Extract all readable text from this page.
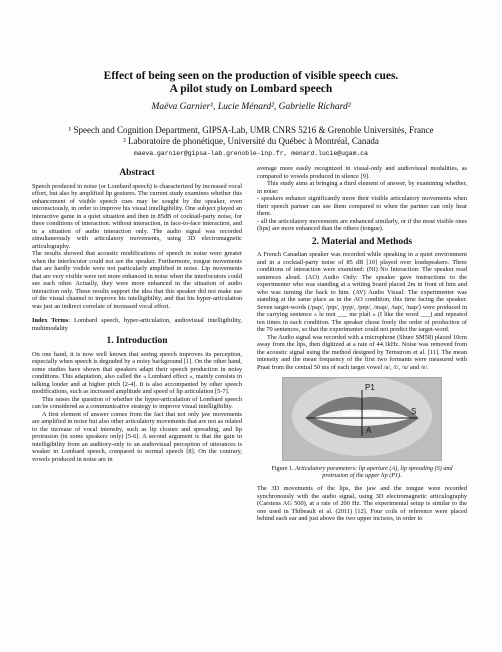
Effect of being seen on the production of visible speech cues.
A pilot study on Lombard speech
Maëva Garnier¹, Lucie Ménard², Gabrielle Richard²
¹ Speech and Cognition Department, GIPSA-Lab, UMR CNRS 5216 & Grenoble Universités, France
² Laboratoire de phonétique, Université du Québec à Montréal, Canada
maeva.garnier@gipsa-lab.grenoble-inp.fr, menard.lucie@ugam.ca
Abstract

Speech produced in noise (or Lombard speech) is characterized by increased vocal effort, but also by amplified lip gestures. The current study examines whether this enhancement of visible speech cues may be sought by the speaker, even unconsciously, in order to improve his visual intelligibility. One subject played an interactive game in a quiet situation and then in 85dB of cocktail-party noise, for three conditions of interaction: without interaction, in face-to-face interaction, and in a situation of audio interaction only. The audio signal was recorded simultaneously with articulatory movements, using 3D electromagnetic articulography.

The results showed that acoustic modifications of speech in noise were greater when the interlocutor could not see the speaker. Furthermore, tongue movements that are hardly visible were not particularly amplified in noise. Lip movements that are very visible were not more enhanced in noise when the interlocutors could see each other. Actually, they were more enhanced in the situation of audio interaction only. These results support the idea that this speaker did not make use of the visual channel to improve his intelligibility, and that his hyper-articulation was just an indirect correlate of increased vocal effort.

Index Terms: Lombard speech, hyper-articulation, audiovisual intelligibility, multimodality

1. Introduction

On one hand, it is now well known that seeing speech improves its perception, especially when speech is degraded by a noisy background [1]. On the other hand, some studies have shown that speakers adapt their speech production in noisy conditions. This adaptation, also called the « Lombard effect », mainly consists in talking louder and at higher pitch [2-4]. It is also accompanied by other speech modifications, such as increased amplitude and speed of lip articulation [5-7].

This raises the question of whether the hyper-articulation of Lombard speech can be considered as a communicative strategy to improve visual intelligibility.

A first element of answer comes from the fact that not only jaw movements are amplified in noise but also other articulatory movements that are not as related to the increase of vocal intensity, such as lip closure and spreading, and lip protrusion (in some speakers only) [5-6]. A second argument is that the gain in intelligibility from an auditory-only to an audiovisual perception of utterances is weaker in Lombard speech, compared to normal speech [8]. On the contrary, vowels produced in noise are in

average more easily recognized in visual-only and audiovisual modalities, as compared to vowels produced in silence [9].

This study aims at bringing a third element of answer, by examining whether, in noise:

- speakers enhance significantly more their visible articulatory movements when their speech partner can see them compared to when the partner can only hear them.

- all the articulatory movements are enhanced similarly, or if the most visible ones (lips) are more enhanced than the others (tongue).

2. Material and Methods

A French Canadian speaker was recorded while speaking in a quiet environment and in a cocktail-party noise of 85 dB [10] played over loudspeakers. Three conditions of interaction were examined: (NI) No Interaction: The speaker read sentences aloud. (AO) Audio Only: The speaker gave instructions to the experimenter who was standing at a writing board placed 2m in front of him and who was turning the back to him. (AV) Audio Visual: The experimenter was standing at the same place as in the AO condition, this time facing the speaker. Seven target-words (/pap/, /pip/, /pyp/, /pep/, /map/, /tap/, /nap/) were produced in the carrying sentence « le mot ___ me plaît » (I like the word ___) and repeated ten times in each condition. The speaker chose freely the order of production of the 70 sentences, so that the experimenter could not predict the target-word.

The Audio signal was recorded with a microphone (Shure SM58) placed 10cm away from the lips, then digitized at a rate of 44.1kHz. Noise was removed from the acoustic signal using the method designed by Ternstrom et al. [11]. The mean intensity and the mean frequency of the first two formants were measured with Praat from the central 50 ms of each target vowel /a/, /i/, /u/ and /e/.

A
S
P1
Figure 1. Articulatory parameters: lip aperture (A), lip spreading (S) and protrusion of the upper lip (P1).

The 3D movements of the lips, the jaw and the tongue were recorded synchronously with the audio signal, using 3D electromagnetic articulography (Carstens AG 500), at a rate of 200 Hz. The experimental setup is similar to the one used in Thibeault et al. (2011) [12]. Four coils of reference were placed behind each ear and just above the two upper incisors, in order to
